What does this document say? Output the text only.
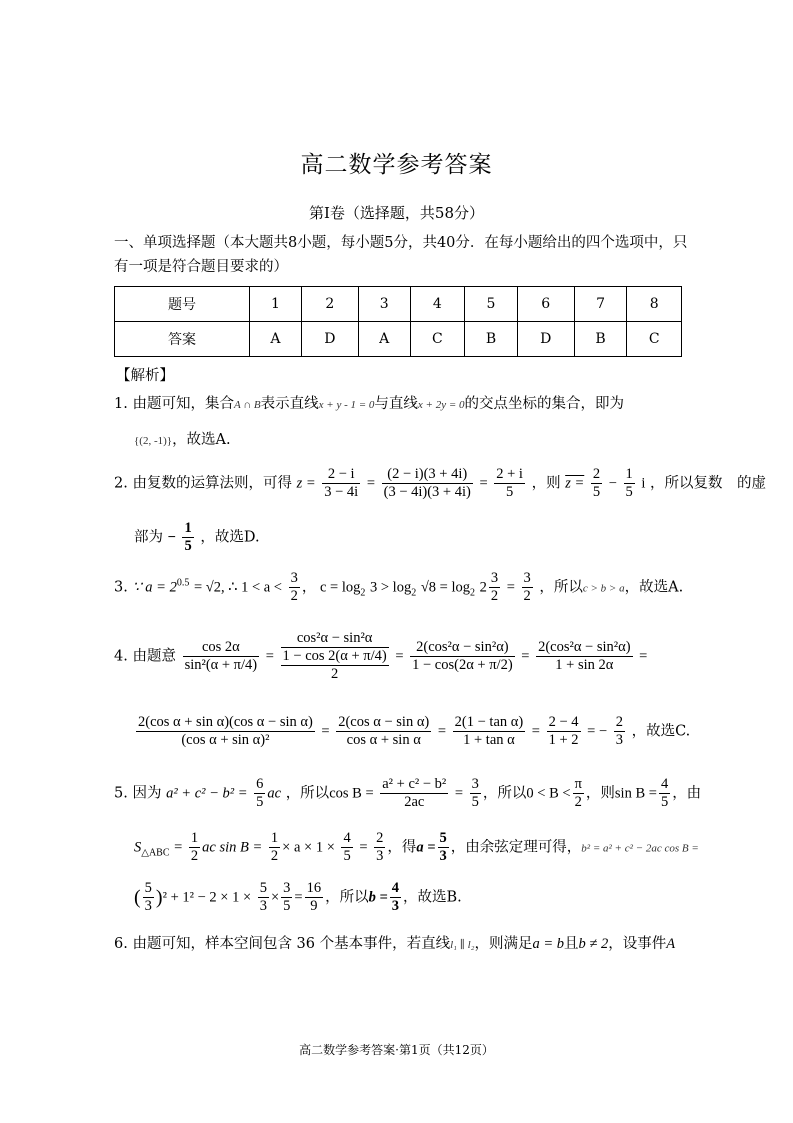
高二数学参考答案
第Ⅰ卷（选择题，共58分）
一、单项选择题（本大题共8小题，每小题5分，共40分．在每小题给出的四个选项中，只
有一项是符合题目要求的）
题号	1	2	3	4	5	6	7	8
答案	A	D	A	C	B	D	B	C
【解析】
1. 由题可知，集合A ∩ B表示直线x + y - 1 = 0与直线x + 2y = 0的交点坐标的集合，即为
{(2, -1)}，故选A.
2. 由复数的运算法则，可得 $z = \frac{2 - i}{3 - 4i} = \frac{(2 - i)(3 + 4i)}{(3 - 4i)(3 + 4i)} = \frac{2 + i}{5}$ ，则 $z = \frac{2}{5} - \frac{1}{5}$ i ，所以复数　的虚
部为 − $\frac{1}{5}$ ，故选D.
3. ∵ $a = 2^{0.5} = √2$, ∴ $1 < a < \frac{3}{2}$ ， $c = \log_2 3 > \log_2 √8 = \log_2 2 \frac{3}{2} = \frac{3}{2}$ ，所以c > b > a，故选A.
4. 由题意 $\frac{\cos 2\alpha}{\text{sin²(α + π/4)}}$ =
cos²α − sin²α
1 − cos 2(α + π/4)
2
= $\frac{\text{2(cos²α − sin²α)}}{1 - \cos(2\alpha + \pi/2)} = \frac{\text{2(cos²α − sin²α)}}{1 + \sin 2\alpha}$ =
$\frac{\text{2(cos α + sin α)(cos α − sin α)}}{\text{(cos α + sin α)²}} = \frac{\text{2(cos α − sin α)}}{\text{cos α + sin α}} = \frac{\text{2(1 − tan α)}}{\text{1 + tan α}} = \frac{2 - 4}{1 + 2}$ = − $\frac{2}{3}$ ，故选C.
5. 因为 $a^2 + c^2 - b^2 = \frac{6}{5}$ ac ，所以$\cos B = \frac{\text{a² + c² − b²}}{2ac} = \frac{3}{5}$ ，所以$0 < B < \frac{\pi}{2}$ ，则$\sin B = \frac{4}{5}$ ，由
$S_{\triangle ABC} = \frac{1}{2}$ ac $\sin B = \frac{1}{2} \times a \times 1 \times \frac{4}{5} = \frac{2}{3}$ ，得$a = \frac{5}{3}$ ，由余弦定理可得，b² = a² + c² − 2ac cos B =
( $\frac{5}{3} )^2 + 1^2 - 2 \times 1 \times \frac{5}{3} \times \frac{3}{5} = \frac{16}{9}$ ，所以$b = \frac{4}{3}$ ，故选B.
6. 由题可知，样本空间包含 36 个基本事件，若直线l₁ ∥ l₂，则满足a = b且b ≠ 2，设事件A
高二数学参考答案·第1页（共12页）
